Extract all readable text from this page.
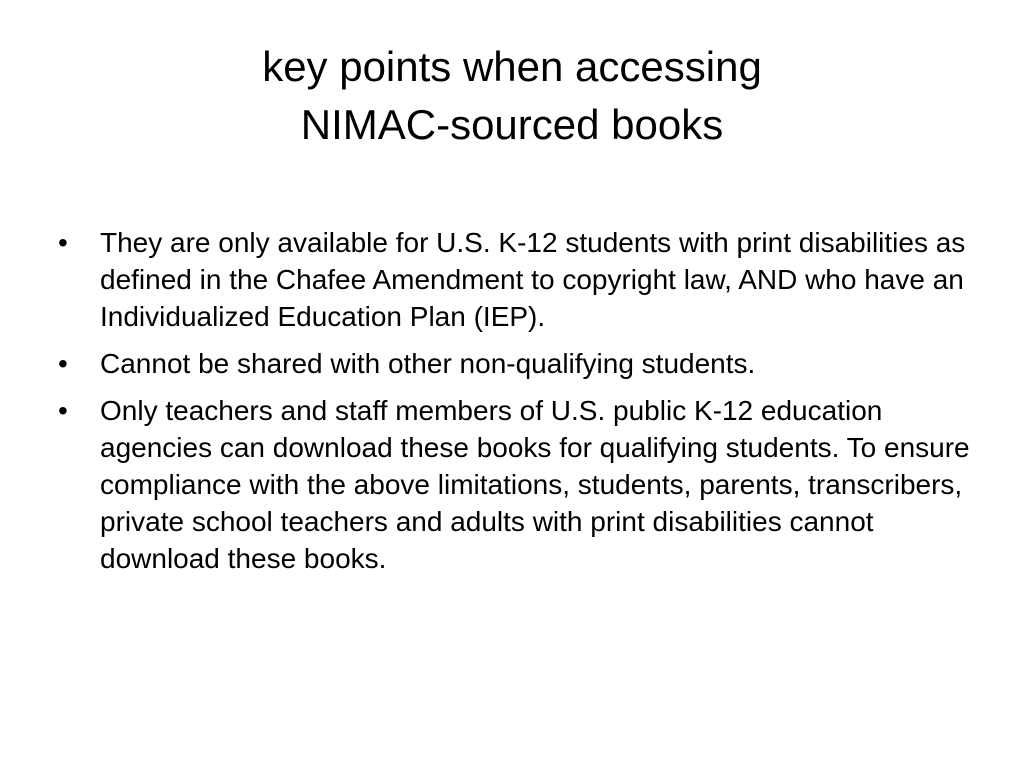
key points when accessing
NIMAC-sourced books
• They are only available for U.S. K-12 students with print disabilities as defined in the Chafee Amendment to copyright law, AND who have an Individualized Education Plan (IEP).
• Cannot be shared with other non-qualifying students.
• Only teachers and staff members of U.S. public K-12 education agencies can download these books for qualifying students. To ensure compliance with the above limitations, students, parents, transcribers, private school teachers and adults with print disabilities cannot download these books.
